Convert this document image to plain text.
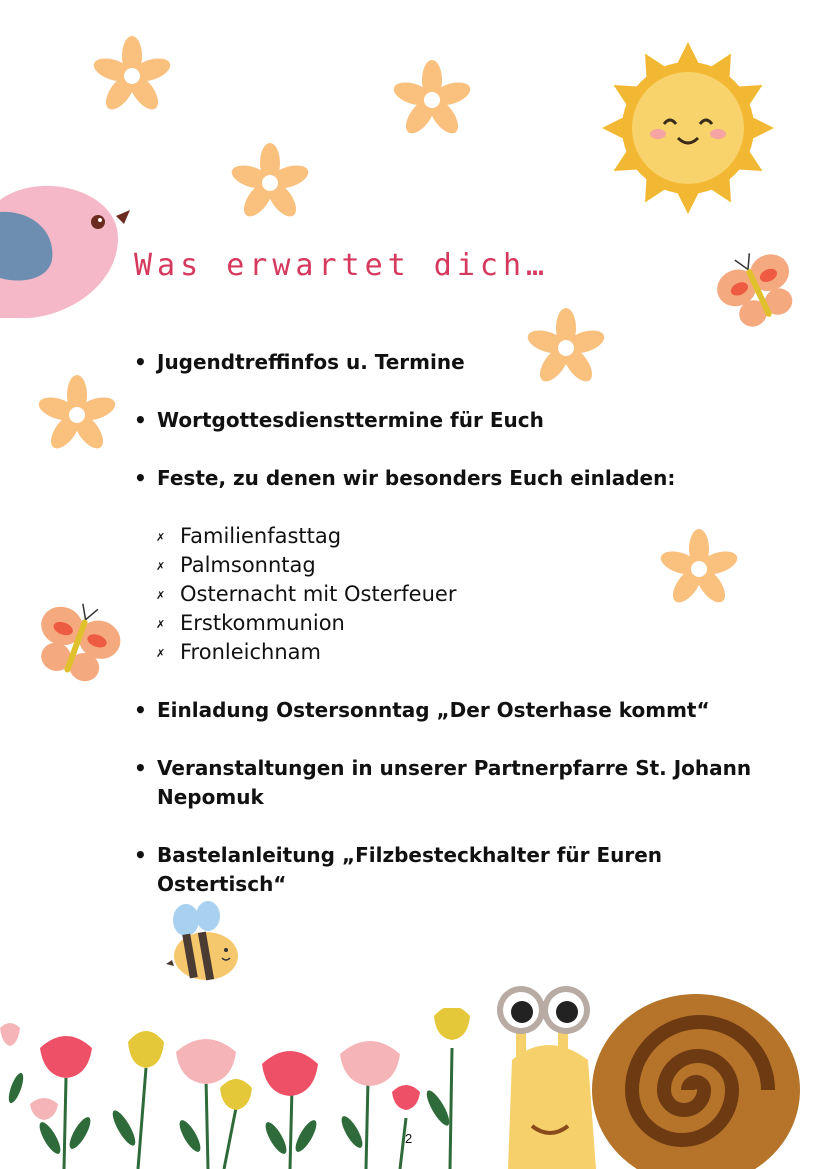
Was erwartet dich…
• Jugendtreffinfos u. Termine
• Wortgottesdiensttermine für Euch
• Feste, zu denen wir besonders Euch einladen:
✗ Familienfasttag
✗ Palmsonntag
✗ Osternacht mit Osterfeuer
✗ Erstkommunion
✗ Fronleichnam
• Einladung Ostersonntag „Der Osterhase kommt“
• Veranstaltungen in unserer Partnerpfarre St. Johann Nepomuk
• Bastelanleitung „Filzbesteckhalter für Euren Ostertisch“
2
